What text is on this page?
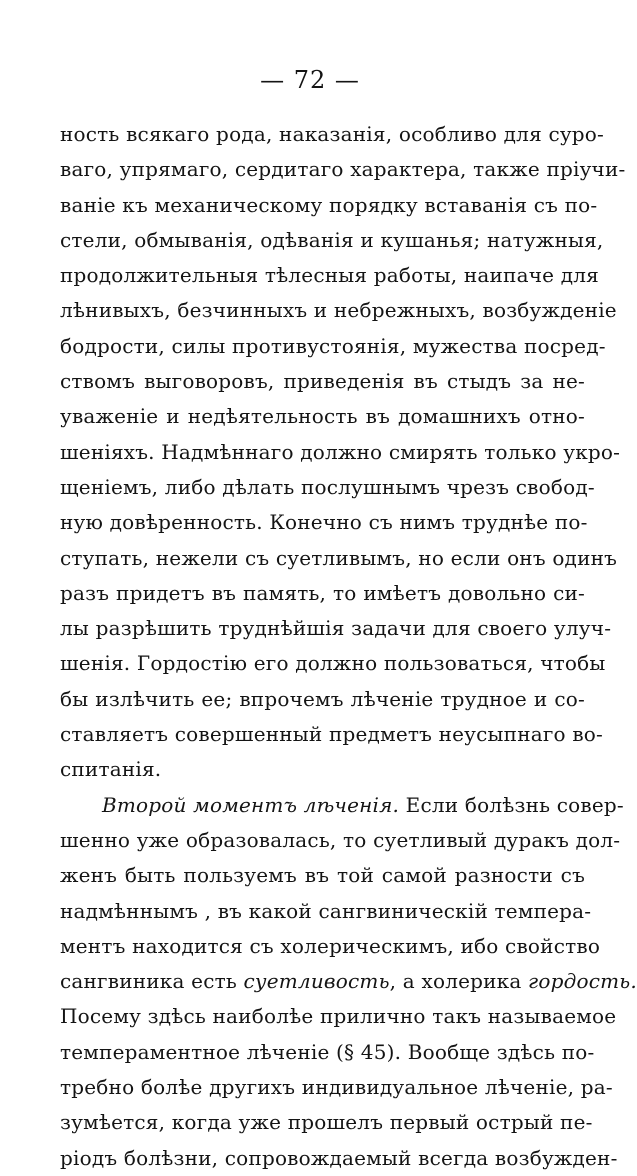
— 72 —
ность всякаго рода, наказанія, особливо для суро-
ваго, упрямаго, сердитаго характера, также пріучи-
ваніе къ механическому порядку вставанія съ по-
стели, обмыванія, одѣванія и кушанья; натужныя,
продолжительныя тѣлесныя работы, наипаче для
лѣнивыхъ, безчинныхъ и небрежныхъ, возбужденіе
бодрости, силы противустоянія, мужества посред-
ствомъ выговоровъ, приведенія въ стыдъ за не-
уваженіе и недѣятельность въ домашнихъ отно-
шеніяхъ. Надмѣннаго должно смирять только укро-
щеніемъ, либо дѣлать послушнымъ чрезъ свобод-
ную довѣренность. Конечно съ нимъ труднѣе по-
ступать, нежели съ суетливымъ, но если онъ одинъ
разъ придетъ въ память, то имѣетъ довольно си-
лы разрѣшить труднѣйшія задачи для своего улуч-
шенія. Гордостію его должно пользоваться, чтобы
бы излѣчить ее; впрочемъ лѣченіе трудное и со-
ставляетъ совершенный предметъ неусыпнаго во-
спитанія.
Второй моментъ лѣченія. Если болѣзнь совер-
шенно уже образовалась, то суетливый дуракъ дол-
женъ быть пользуемъ въ той самой разности съ
надмѣннымъ , въ какой сангвиническій темпера-
ментъ находится съ холерическимъ, ибо свойство
сангвиника есть суетливость, а холерика гордость.
Посему здѣсь наиболѣе прилично такъ называемое
темпераментное лѣченіе (§ 45). Вообще здѣсь по-
требно болѣе другихъ индивидуальное лѣченіе, ра-
зумѣется, когда уже прошелъ первый острый пе-
ріодъ болѣзни, сопровождаемый всегда возбужден-
